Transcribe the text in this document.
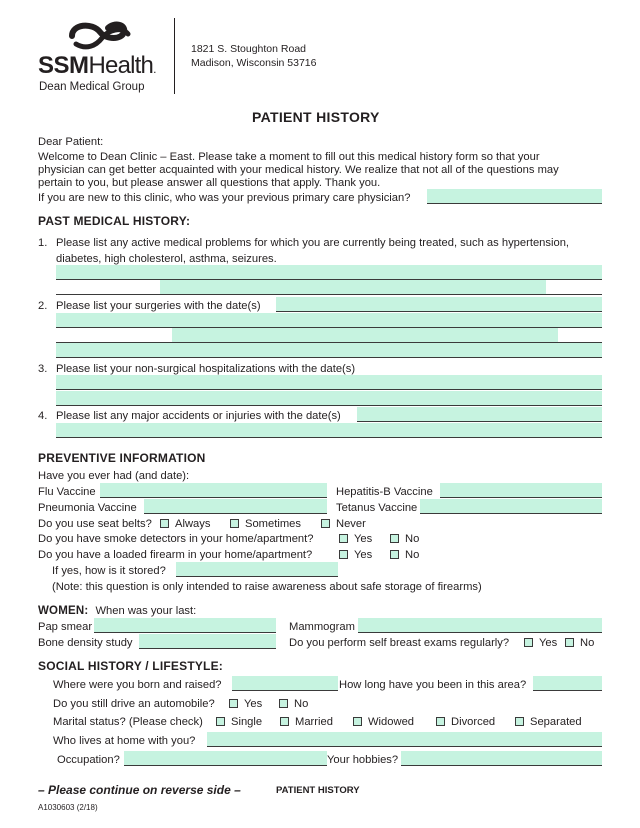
SSMHealth.
Dean Medical Group
1821 S. Stoughton Road
Madison, Wisconsin 53716
PATIENT HISTORY
Dear Patient:
Welcome to Dean Clinic – East. Please take a moment to fill out this medical history form so that your
physician can get better acquainted with your medical history. We realize that not all of the questions may
pertain to you, but please answer all questions that apply. Thank you.
If you are new to this clinic, who was your previous primary care physician?
PAST MEDICAL HISTORY:
1. Please list any active medical problems for which you are currently being treated, such as hypertension,
diabetes, high cholesterol, asthma, seizures.
2. Please list your surgeries with the date(s)
3. Please list your non-surgical hospitalizations with the date(s)
4. Please list any major accidents or injuries with the date(s)
PREVENTIVE INFORMATION
Have you ever had (and date):
Flu Vaccine	Hepatitis-B Vaccine
Pneumonia Vaccine	Tetanus Vaccine
Do you use seat belts? Always	Sometimes	Never
Do you have smoke detectors in your home/apartment?	Yes	No
Do you have a loaded firearm in your home/apartment?	Yes	No
If yes, how is it stored?
(Note: this question is only intended to raise awareness about safe storage of firearms)
WOMEN: When was your last:
Pap smear	Mammogram
Bone density study	Do you perform self breast exams regularly?	Yes No
SOCIAL HISTORY / LIFESTYLE:
Where were you born and raised?	How long have you been in this area?
Do you still drive an automobile?	Yes	No
Marital status? (Please check)	Single	Married	Widowed	Divorced	Separated
Who lives at home with you?
Occupation?	Your hobbies?
– Please continue on reverse side –	PATIENT HISTORY
A1030603 (2/18)
